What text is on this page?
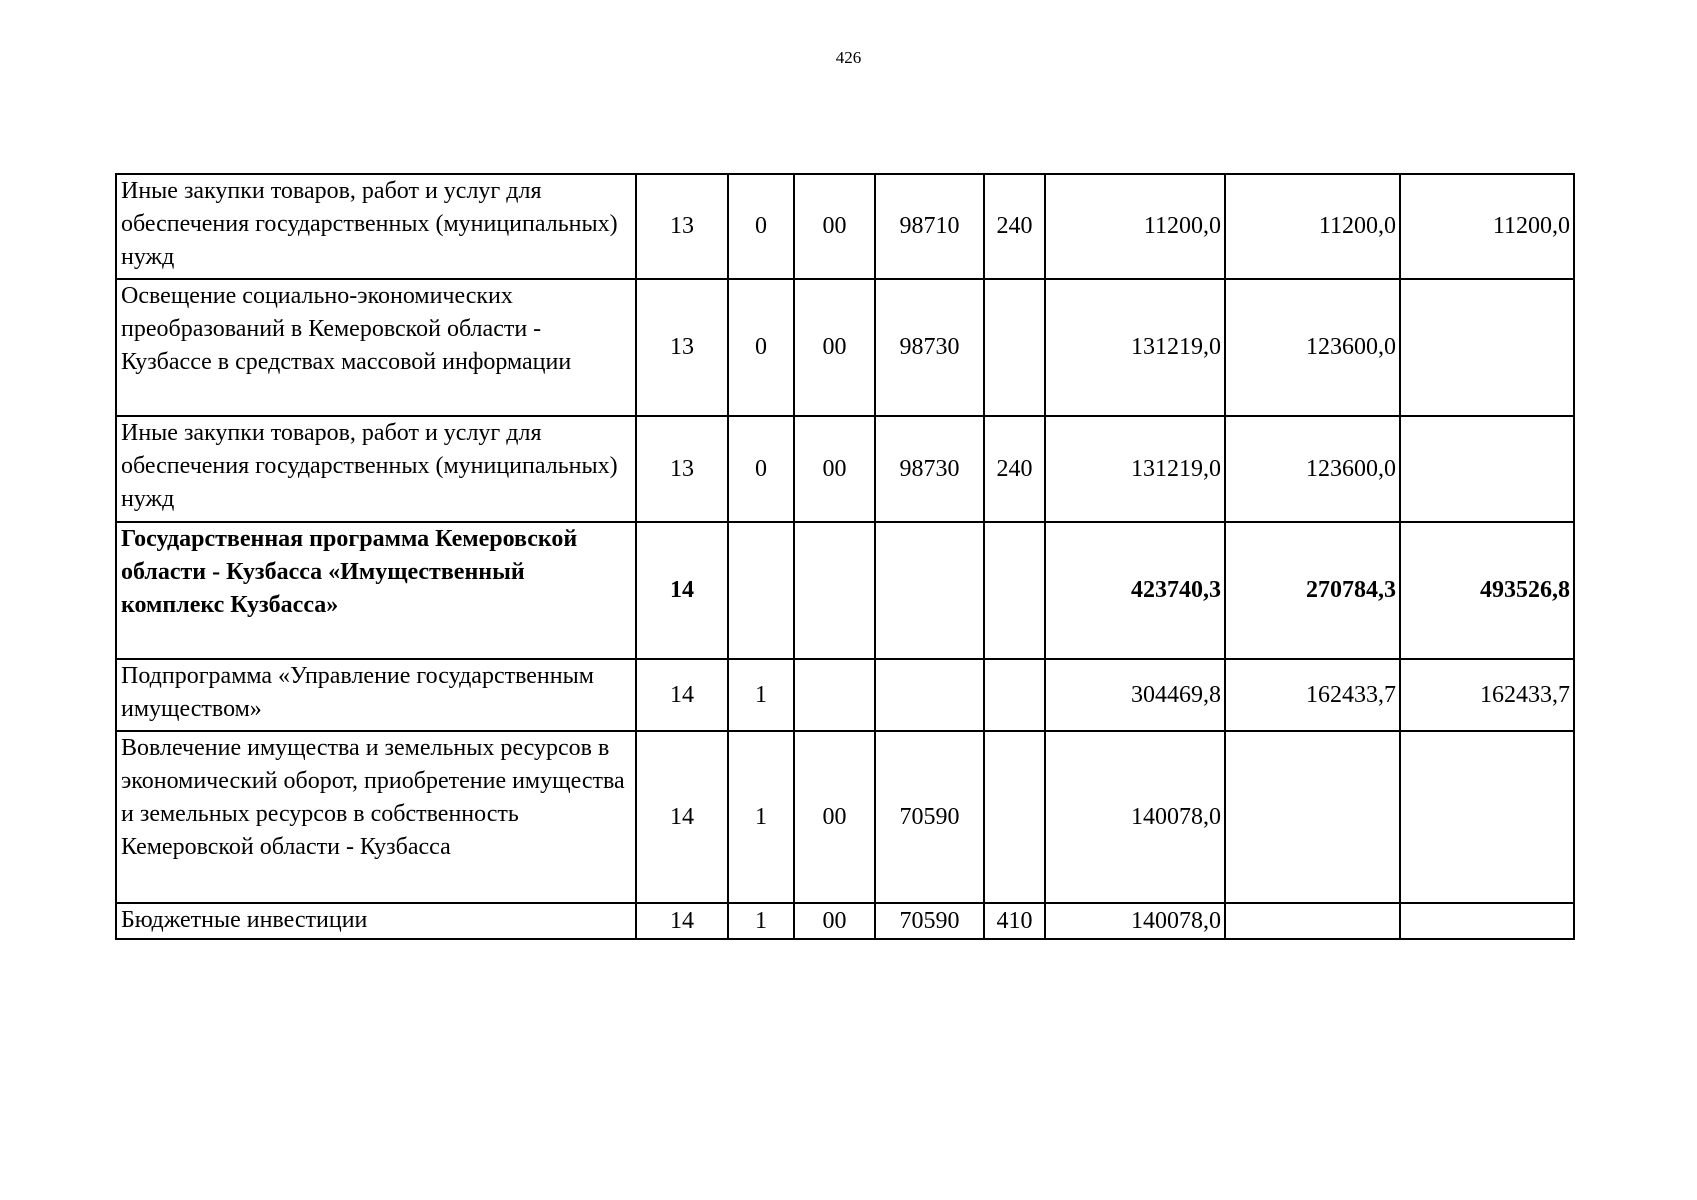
426
Иные закупки товаров, работ и услуг для обеспечения государственных (муниципальных) нужд	13	0	00	98710	240	11200,0	11200,0	11200,0
Освещение социально-экономических преобразований в Кемеровской области - Кузбассе в средствах массовой информации	13	0	00	98730		131219,0	123600,0	
Иные закупки товаров, работ и услуг для обеспечения государственных (муниципальных) нужд	13	0	00	98730	240	131219,0	123600,0	
Государственная программа Кемеровской области - Кузбасса «Имущественный комплекс Кузбасса»	14					423740,3	270784,3	493526,8
Подпрограмма «Управление государственным имуществом»	14	1				304469,8	162433,7	162433,7
Вовлечение имущества и земельных ресурсов в экономический оборот, приобретение имущества и земельных ресурсов в собственность Кемеровской области - Кузбасса	14	1	00	70590		140078,0		
Бюджетные инвестиции	14	1	00	70590	410	140078,0		
